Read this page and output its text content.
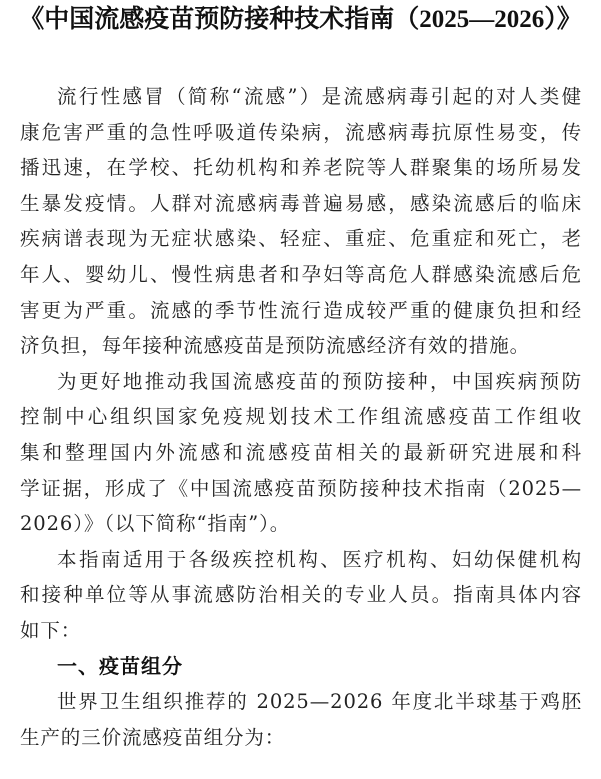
《中国流感疫苗预防接种技术指南（2025—2026）》
流行性感冒（简称“流感”）是流感病毒引起的对人类健
康危害严重的急性呼吸道传染病，流感病毒抗原性易变，传
播迅速，在学校、托幼机构和养老院等人群聚集的场所易发
生暴发疫情。人群对流感病毒普遍易感，感染流感后的临床
疾病谱表现为无症状感染、轻症、重症、危重症和死亡，老
年人、婴幼儿、慢性病患者和孕妇等高危人群感染流感后危
害更为严重。流感的季节性流行造成较严重的健康负担和经
济负担，每年接种流感疫苗是预防流感经济有效的措施。
为更好地推动我国流感疫苗的预防接种，中国疾病预防
控制中心组织国家免疫规划技术工作组流感疫苗工作组收
集和整理国内外流感和流感疫苗相关的最新研究进展和科
学证据，形成了《中国流感疫苗预防接种技术指南（2025—
2026）》（以下简称“指南”）。
本指南适用于各级疾控机构、医疗机构、妇幼保健机构
和接种单位等从事流感防治相关的专业人员。指南具体内容
如下：
一、疫苗组分
世界卫生组织推荐的 2025—2026 年度北半球基于鸡胚
生产的三价流感疫苗组分为：
